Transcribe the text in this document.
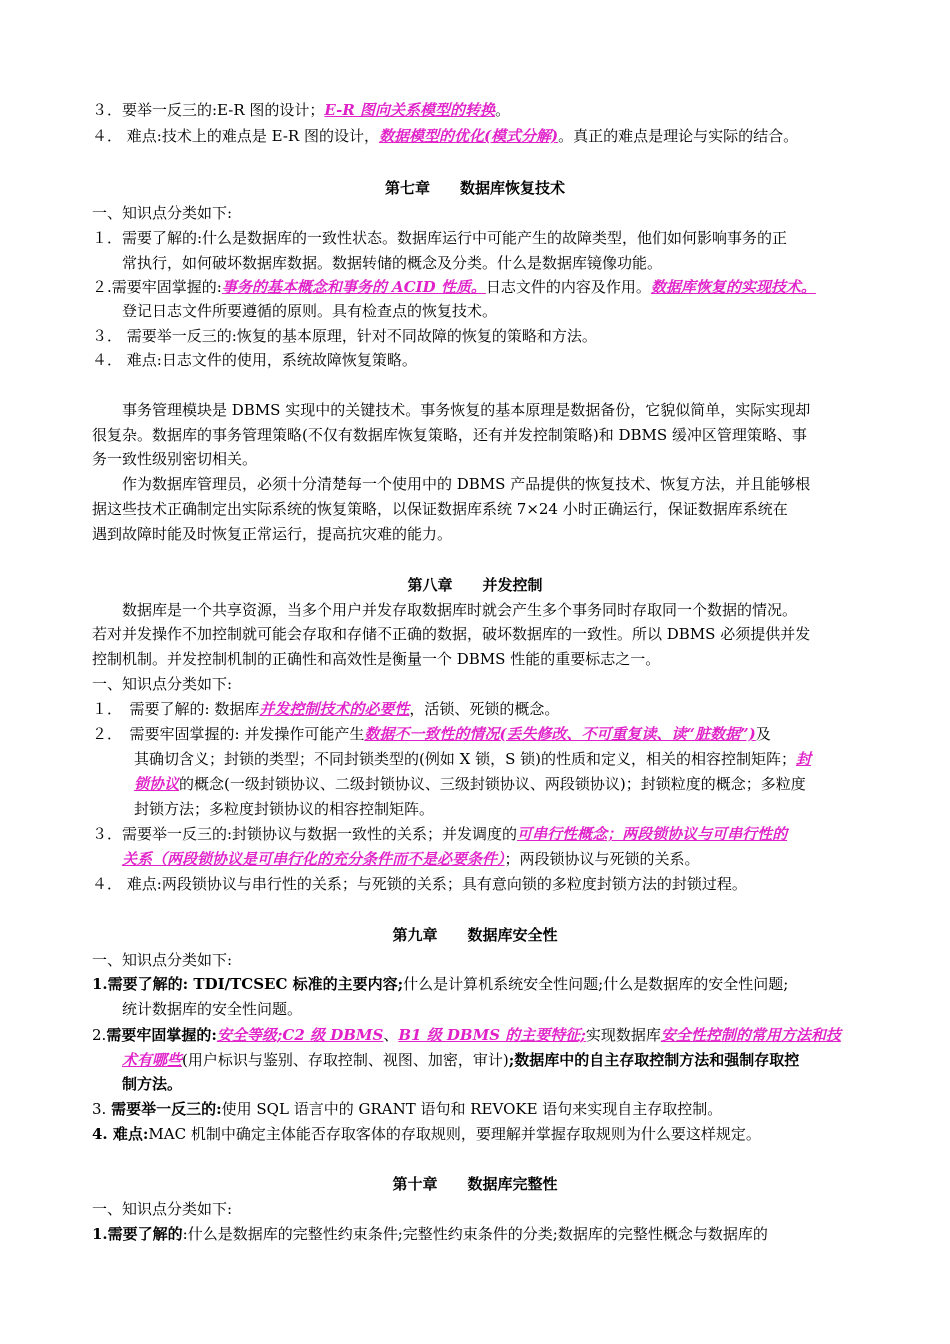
３．要举一反三的:E-R 图的设计；E-R 图向关系模型的转换。
４． 难点:技术上的难点是 E-R 图的设计，数据模型的优化(模式分解)。真正的难点是理论与实际的结合。
第七章　　数据库恢复技术
一、知识点分类如下:
１．需要了解的:什么是数据库的一致性状态。数据库运行中可能产生的故障类型，他们如何影响事务的正
常执行，如何破坏数据库数据。数据转储的概念及分类。什么是数据库镜像功能。
２.需要牢固掌握的:事务的基本概念和事务的 ACID 性质。日志文件的内容及作用。数据库恢复的实现技术。
登记日志文件所要遵循的原则。具有检查点的恢复技术。
３． 需要举一反三的:恢复的基本原理，针对不同故障的恢复的策略和方法。
４． 难点:日志文件的使用，系统故障恢复策略。
事务管理模块是 DBMS 实现中的关键技术。事务恢复的基本原理是数据备份，它貌似简单，实际实现却
很复杂。数据库的事务管理策略(不仅有数据库恢复策略，还有并发控制策略)和 DBMS 缓冲区管理策略、事
务一致性级别密切相关。
作为数据库管理员，必须十分清楚每一个使用中的 DBMS 产品提供的恢复技术、恢复方法，并且能够根
据这些技术正确制定出实际系统的恢复策略，以保证数据库系统 7×24 小时正确运行，保证数据库系统在
遇到故障时能及时恢复正常运行，提高抗灾难的能力。
第八章　　并发控制
数据库是一个共享资源，当多个用户并发存取数据库时就会产生多个事务同时存取同一个数据的情况。
若对并发操作不加控制就可能会存取和存储不正确的数据，破坏数据库的一致性。所以 DBMS 必须提供并发
控制机制。并发控制机制的正确性和高效性是衡量一个 DBMS 性能的重要标志之一。
一、知识点分类如下:
１．　需要了解的: 数据库并发控制技术的必要性，活锁、死锁的概念。
２．　需要牢固掌握的: 并发操作可能产生数据不一致性的情况(丢失修改、不可重复读、读“脏数据”)及
其确切含义；封锁的类型；不同封锁类型的(例如 X 锁，S 锁)的性质和定义，相关的相容控制矩阵；封
锁协议的概念(一级封锁协议、二级封锁协议、三级封锁协议、两段锁协议)；封锁粒度的概念；多粒度
封锁方法；多粒度封锁协议的相容控制矩阵。
３．需要举一反三的:封锁协议与数据一致性的关系；并发调度的可串行性概念；两段锁协议与可串行性的
关系（两段锁协议是可串行化的充分条件而不是必要条件）；两段锁协议与死锁的关系。
４． 难点:两段锁协议与串行性的关系；与死锁的关系；具有意向锁的多粒度封锁方法的封锁过程。
第九章　　数据库安全性
一、知识点分类如下:
1.需要了解的: TDI/TCSEC 标准的主要内容;什么是计算机系统安全性问题;什么是数据库的安全性问题;
统计数据库的安全性问题。
2.需要牢固掌握的:安全等级;C2 级 DBMS、B1 级 DBMS 的主要特征;实现数据库安全性控制的常用方法和技
术有哪些(用户标识与鉴别、存取控制、视图、加密，审计);数据库中的自主存取控制方法和强制存取控
制方法。
3. 需要举一反三的:使用 SQL 语言中的 GRANT 语句和 REVOKE 语句来实现自主存取控制。
4. 难点:MAC 机制中确定主体能否存取客体的存取规则，要理解并掌握存取规则为什么要这样规定。
第十章　　数据库完整性
一、知识点分类如下:
1.需要了解的:什么是数据库的完整性约束条件;完整性约束条件的分类;数据库的完整性概念与数据库的
